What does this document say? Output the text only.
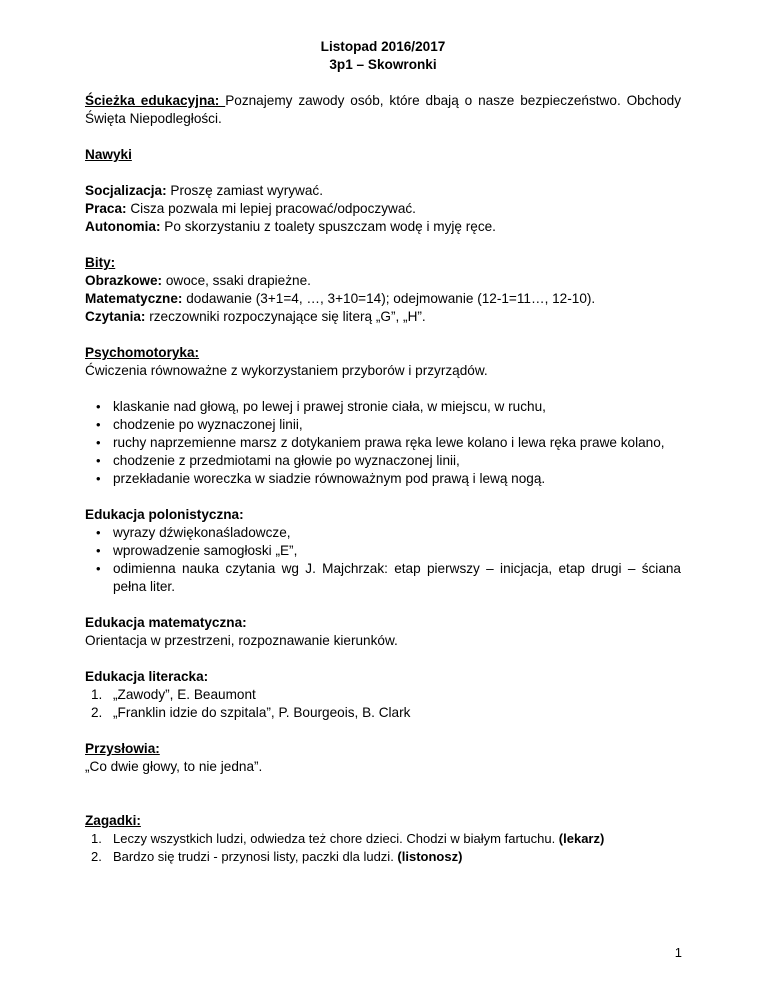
Listopad 2016/2017

3p1 – Skowronki

Ścieżka edukacyjna: Poznajemy zawody osób, które dbają o nasze bezpieczeństwo. Obchody Święta Niepodległości.

Nawyki

Socjalizacja: Proszę zamiast wyrywać.

Praca: Cisza pozwala mi lepiej pracować/odpoczywać.

Autonomia: Po skorzystaniu z toalety spuszczam wodę i myję ręce.

Bity:

Obrazkowe: owoce, ssaki drapieżne.

Matematyczne: dodawanie (3+1=4, …, 3+10=14); odejmowanie (12-1=11…, 12-10).

Czytania: rzeczowniki rozpoczynające się literą „G”, „H”.

Psychomotoryka:

Ćwiczenia równoważne z wykorzystaniem przyborów i przyrządów.

• klaskanie nad głową, po lewej i prawej stronie ciała, w miejscu, w ruchu,
• chodzenie po wyznaczonej linii,
• ruchy naprzemienne marsz z dotykaniem prawa ręka lewe kolano i lewa ręka prawe kolano,
• chodzenie z przedmiotami na głowie po wyznaczonej linii,
• przekładanie woreczka w siadzie równoważnym pod prawą i lewą nogą.

Edukacja polonistyczna:

• wyrazy dźwiękonaśladowcze,
• wprowadzenie samogłoski „E”,
• odimienna nauka czytania wg J. Majchrzak: etap pierwszy – inicjacja, etap drugi – ściana pełna liter.

Edukacja matematyczna:

Orientacja w przestrzeni, rozpoznawanie kierunków.

Edukacja literacka:

1. „Zawody”, E. Beaumont
2. „Franklin idzie do szpitala”, P. Bourgeois, B. Clark

Przysłowia:

„Co dwie głowy, to nie jedna”.

Zagadki:

1. Leczy wszystkich ludzi, odwiedza też chore dzieci. Chodzi w białym fartuchu. (lekarz)
2. Bardzo się trudzi - przynosi listy, paczki dla ludzi. (listonosz)
1
